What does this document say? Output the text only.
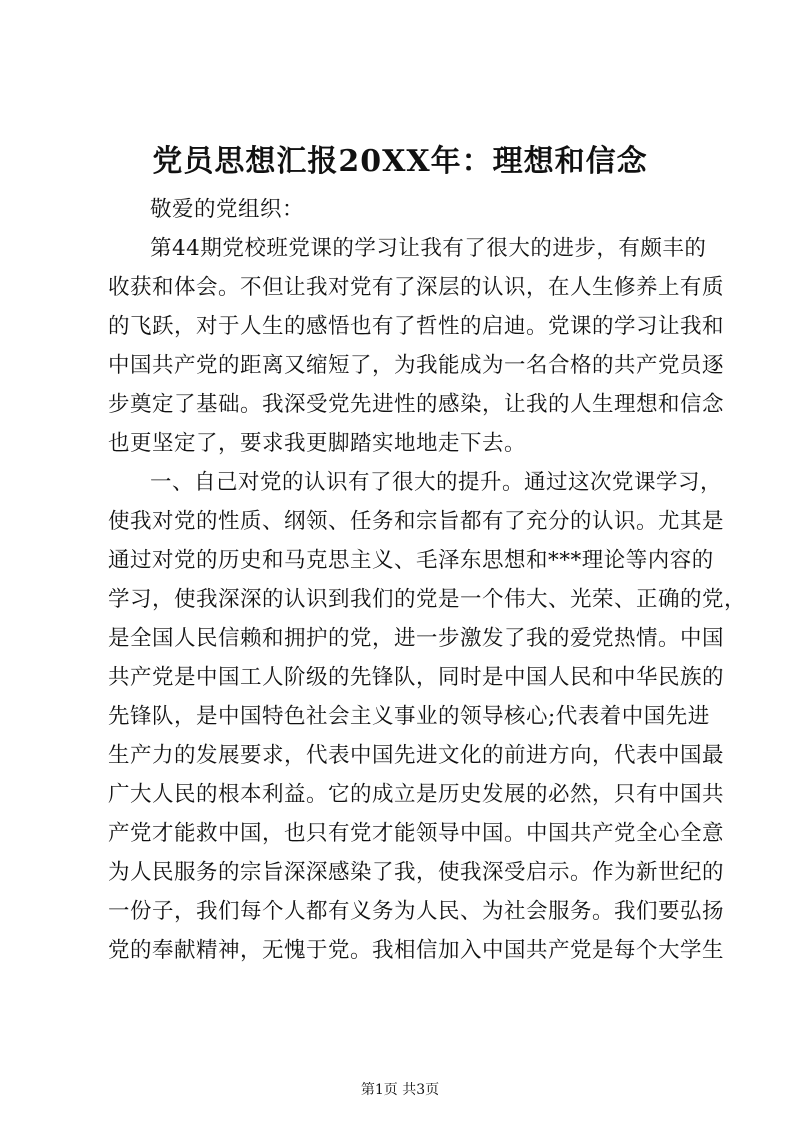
党员思想汇报20XX年：理想和信念
敬爱的党组织：
第44期党校班党课的学习让我有了很大的进步，有颇丰的
收获和体会。不但让我对党有了深层的认识，在人生修养上有质
的飞跃，对于人生的感悟也有了哲性的启迪。党课的学习让我和
中国共产党的距离又缩短了，为我能成为一名合格的共产党员逐
步奠定了基础。我深受党先进性的感染，让我的人生理想和信念
也更坚定了，要求我更脚踏实地地走下去。
一、自己对党的认识有了很大的提升。通过这次党课学习，
使我对党的性质、纲领、任务和宗旨都有了充分的认识。尤其是
通过对党的历史和马克思主义、毛泽东思想和***理论等内容的
学习，使我深深的认识到我们的党是一个伟大、光荣、正确的党，
是全国人民信赖和拥护的党，进一步激发了我的爱党热情。中国
共产党是中国工人阶级的先锋队，同时是中国人民和中华民族的
先锋队，是中国特色社会主义事业的领导核心;代表着中国先进
生产力的发展要求，代表中国先进文化的前进方向，代表中国最
广大人民的根本利益。它的成立是历史发展的必然，只有中国共
产党才能救中国，也只有党才能领导中国。中国共产党全心全意
为人民服务的宗旨深深感染了我，使我深受启示。作为新世纪的
一份子，我们每个人都有义务为人民、为社会服务。我们要弘扬
党的奉献精神，无愧于党。我相信加入中国共产党是每个大学生
第1页 共3页
